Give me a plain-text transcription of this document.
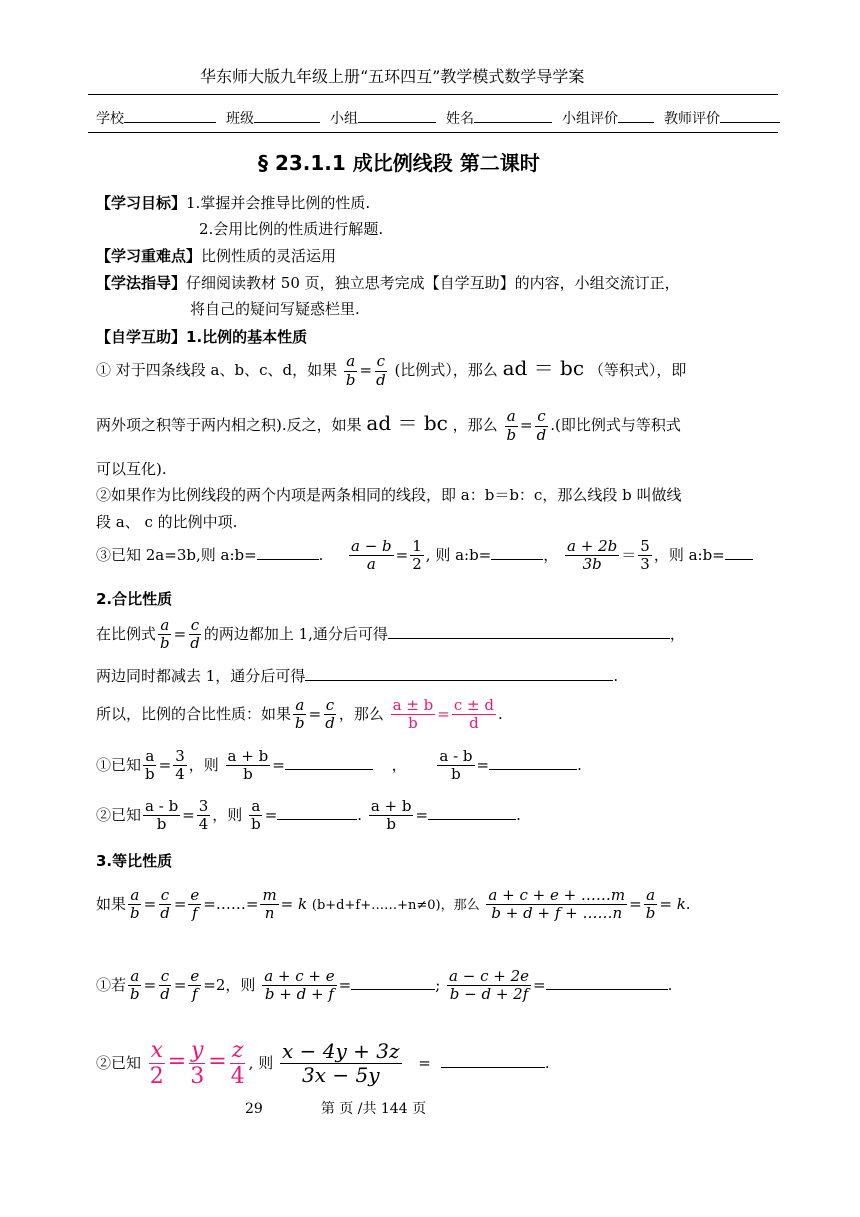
华东师大版九年级上册“五环四互”教学模式数学导学案
学校	班级	小组	姓名	小组评价	教师评价
§ 23.1.1 成比例线段 第二课时
【学习目标】1.掌握并会推导比例的性质.
2.会用比例的性质进行解题.
【学习重难点】比例性质的灵活运用
【学法指导】仔细阅读教材 50 页，独立思考完成【自学互助】的内容，小组交流订正，
将自己的疑问写疑惑栏里.
【自学互助】1.比例的基本性质
① 对于四条线段 a、b、c、d，如果 $\frac{a}{b} = \frac{c}{d}$ (比例式），那么 ad ＝ bc （等积式），即
两外项之积等于两内相之积).反之，如果 ad ＝ bc ，那么 $\frac{a}{b} = \frac{c}{d}$ .(即比例式与等积式
可以互化).
②如果作为比例线段的两个内项是两条相同的线段，即 a：b＝b：c，那么线段 b 叫做线
段 a、 c 的比例中项.
③已知 2a=3b,则 a:b=	. $\frac{a - b}{a} = \frac{1}{2}$ , 则 a:b=	， $\frac{a + 2b}{3b} = \frac{5}{3}$ ，则 a:b=
2.合比性质
在比例式 $\frac{a}{b} = \frac{c}{d}$ 的两边都加上 1,通分后可得	，
两边同时都减去 1，通分后可得	.
所以，比例的合比性质：如果 $\frac{a}{b} = \frac{c}{d}$ ，那么 $\frac{a \pm b}{b} = \frac{c \pm d}{d}$ .
①已知 $\frac{a}{b} = \frac{3}{4}$ ，则 $\frac{a + b}{b}$ =	， $\frac{a - b}{b}$ =	.
②已知 $\frac{a - b}{b} = \frac{3}{4}$ ，则 $\frac{a}{b}$ =	. $\frac{a + b}{b}$ =	.
3.等比性质
如果 $\frac{a}{b} = \frac{c}{d} = \frac{e}{f}$ =……= $\frac{m}{n} = k$ (b+d+f+……+n≠0)，那么 $\frac{a + c + e + \dots\dots m}{b + d + f + \dots\dots n} = \frac{a}{b} = k$.
①若 $\frac{a}{b} = \frac{c}{d} = \frac{e}{f} =2$，则 $\frac{a + c + e}{b + d + f}$ =	; $\frac{a - c + 2e}{b - d + 2f}$ =	.
②已知 $\frac{x}{2} = \frac{y}{3} = \frac{z}{4}$ , 则 $\frac{x - 4y + 3z}{3x - 5y}$ =	.
29	第 页 /共 144 页
